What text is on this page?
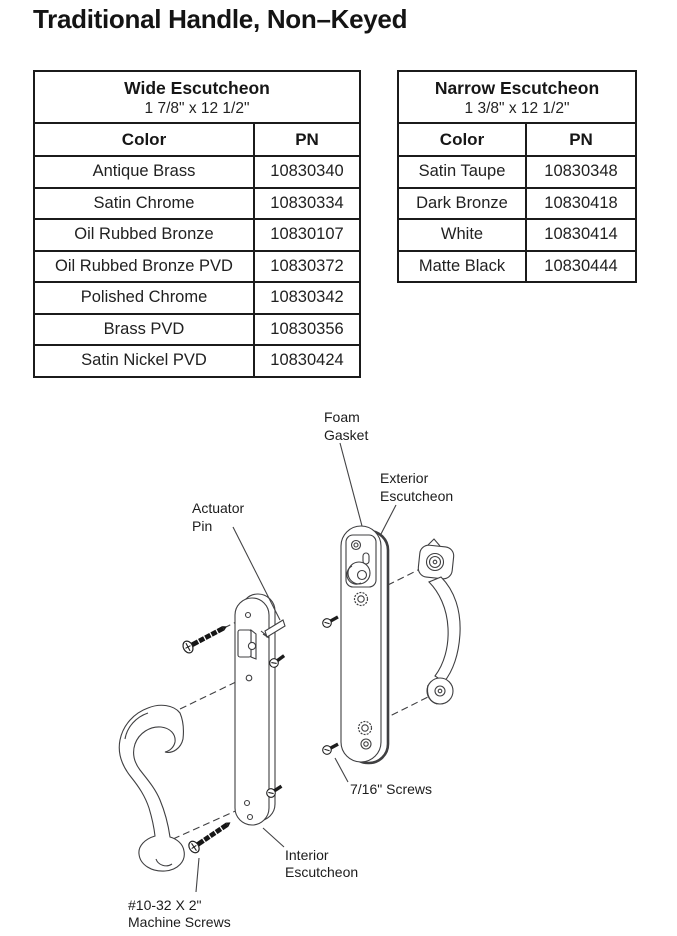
Traditional Handle, Non–Keyed
Wide Escutcheon
1 7/8" x 12 1/2"	

Color	PN
Antique Brass	10830340
Satin Chrome	10830334
Oil Rubbed Bronze	10830107
Oil Rubbed Bronze PVD	10830372
Polished Chrome	10830342
Brass PVD	10830356
Satin Nickel PVD	10830424
Narrow Escutcheon
1 3/8" x 12 1/2"	

Color	PN
Satin Taupe	10830348
Dark Bronze	10830418
White	10830414
Matte Black	10830444
Foam
Gasket
Exterior
Escutcheon
Actuator
Pin
7/16" Screws
Interior
Escutcheon
#10-32 X 2"
Machine Screws
